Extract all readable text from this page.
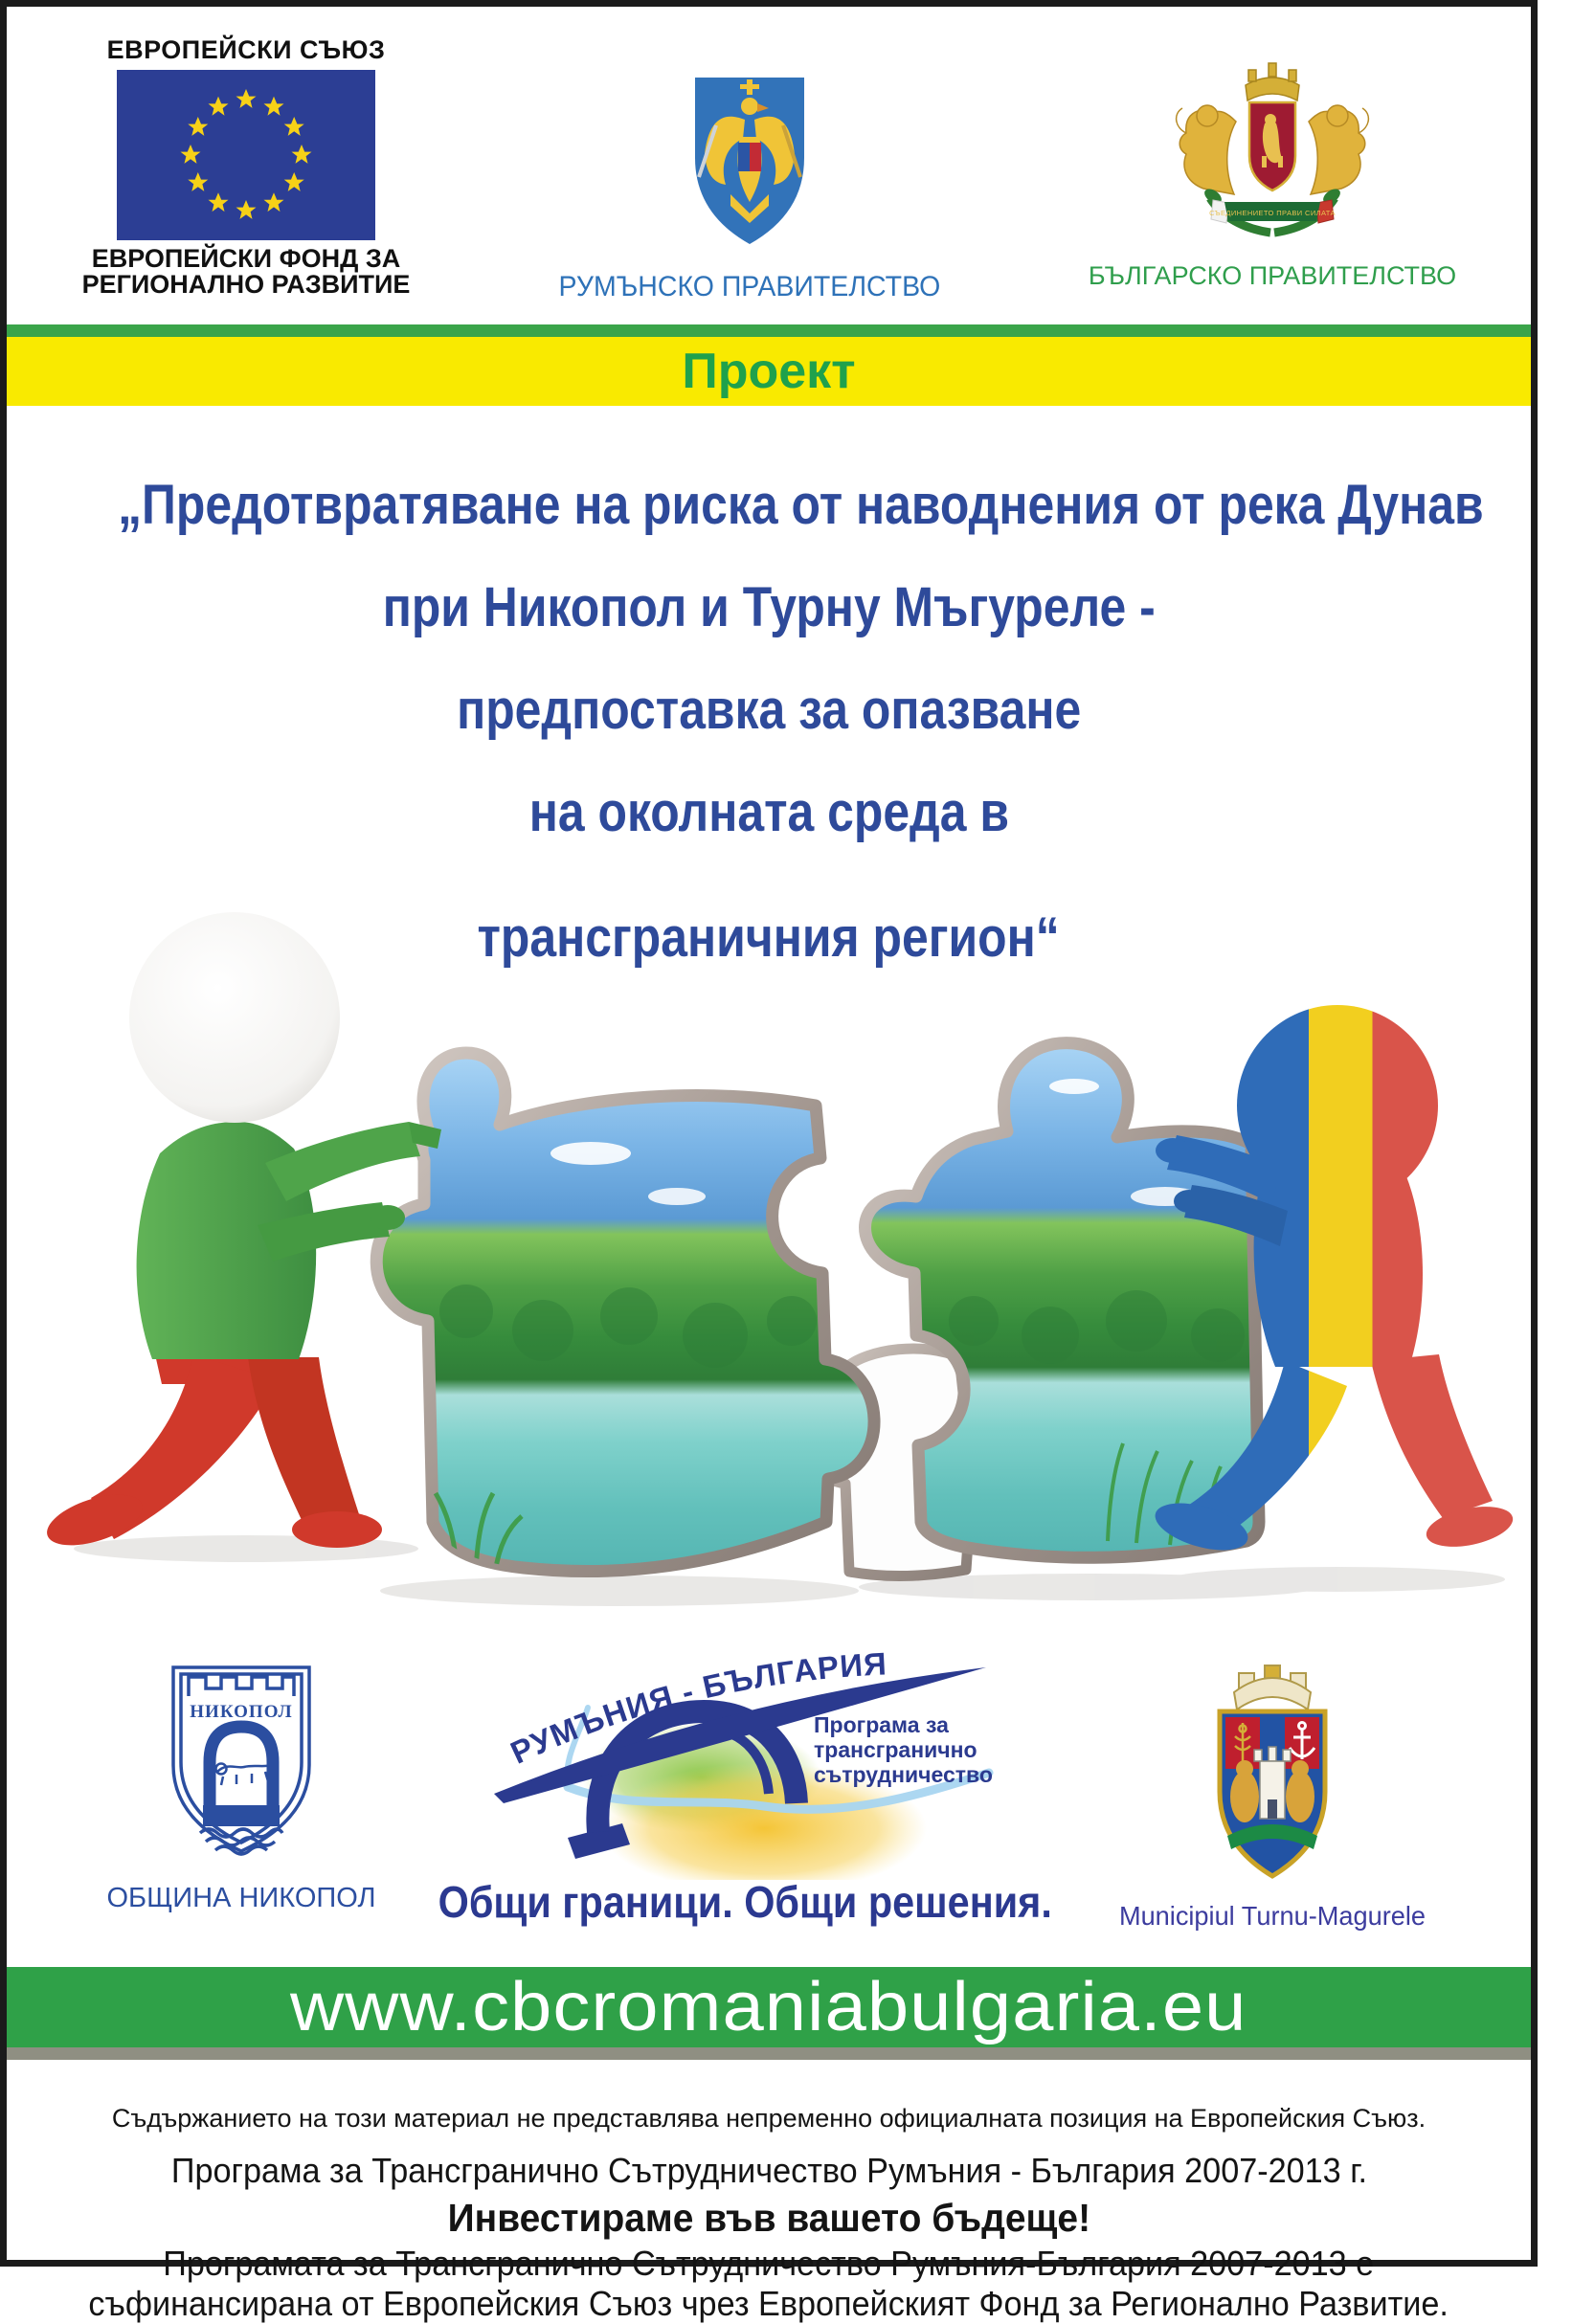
ЕВРОПЕЙСКИ СЪЮЗ
ЕВРОПЕЙСКИ ФОНД ЗА
РЕГИОНАЛНО РАЗВИТИЕ	РУМЪНСКО ПРАВИТЕЛСТВО
СЪЕДИНЕНИЕТО ПРАВИ СИЛАТА
БЪЛГАРСКО ПРАВИТЕЛСТВО
Проект
„Предотвратяване на риска от наводнения от река Дунав
при Никопол и Турну Мъгуреле -
предпоставка за опазване
на околната среда в
трансграничния регион“
НИКОПОЛ
ОБЩИНА НИКОПОЛ
РУМЪНИЯ - БЪЛГАРИЯ
Програма за
трансгранично
сътрудничество
Общи граници. Общи решения.	Municipiul Turnu-Magurele
www.cbcromaniabulgaria.eu
Съдържанието на този материал не представлява непременно официалната позиция на Европейския Съюз.
Програма за Трансгранично Сътрудничество Румъния - България 2007-2013 г.
Инвестираме във вашето бъдеще!
Програмата за Трансгранично Сътрудничество Румъния-България 2007-2013 е
съфинансирана от Европейския Съюз чрез Европейският Фонд за Регионално Развитие.
